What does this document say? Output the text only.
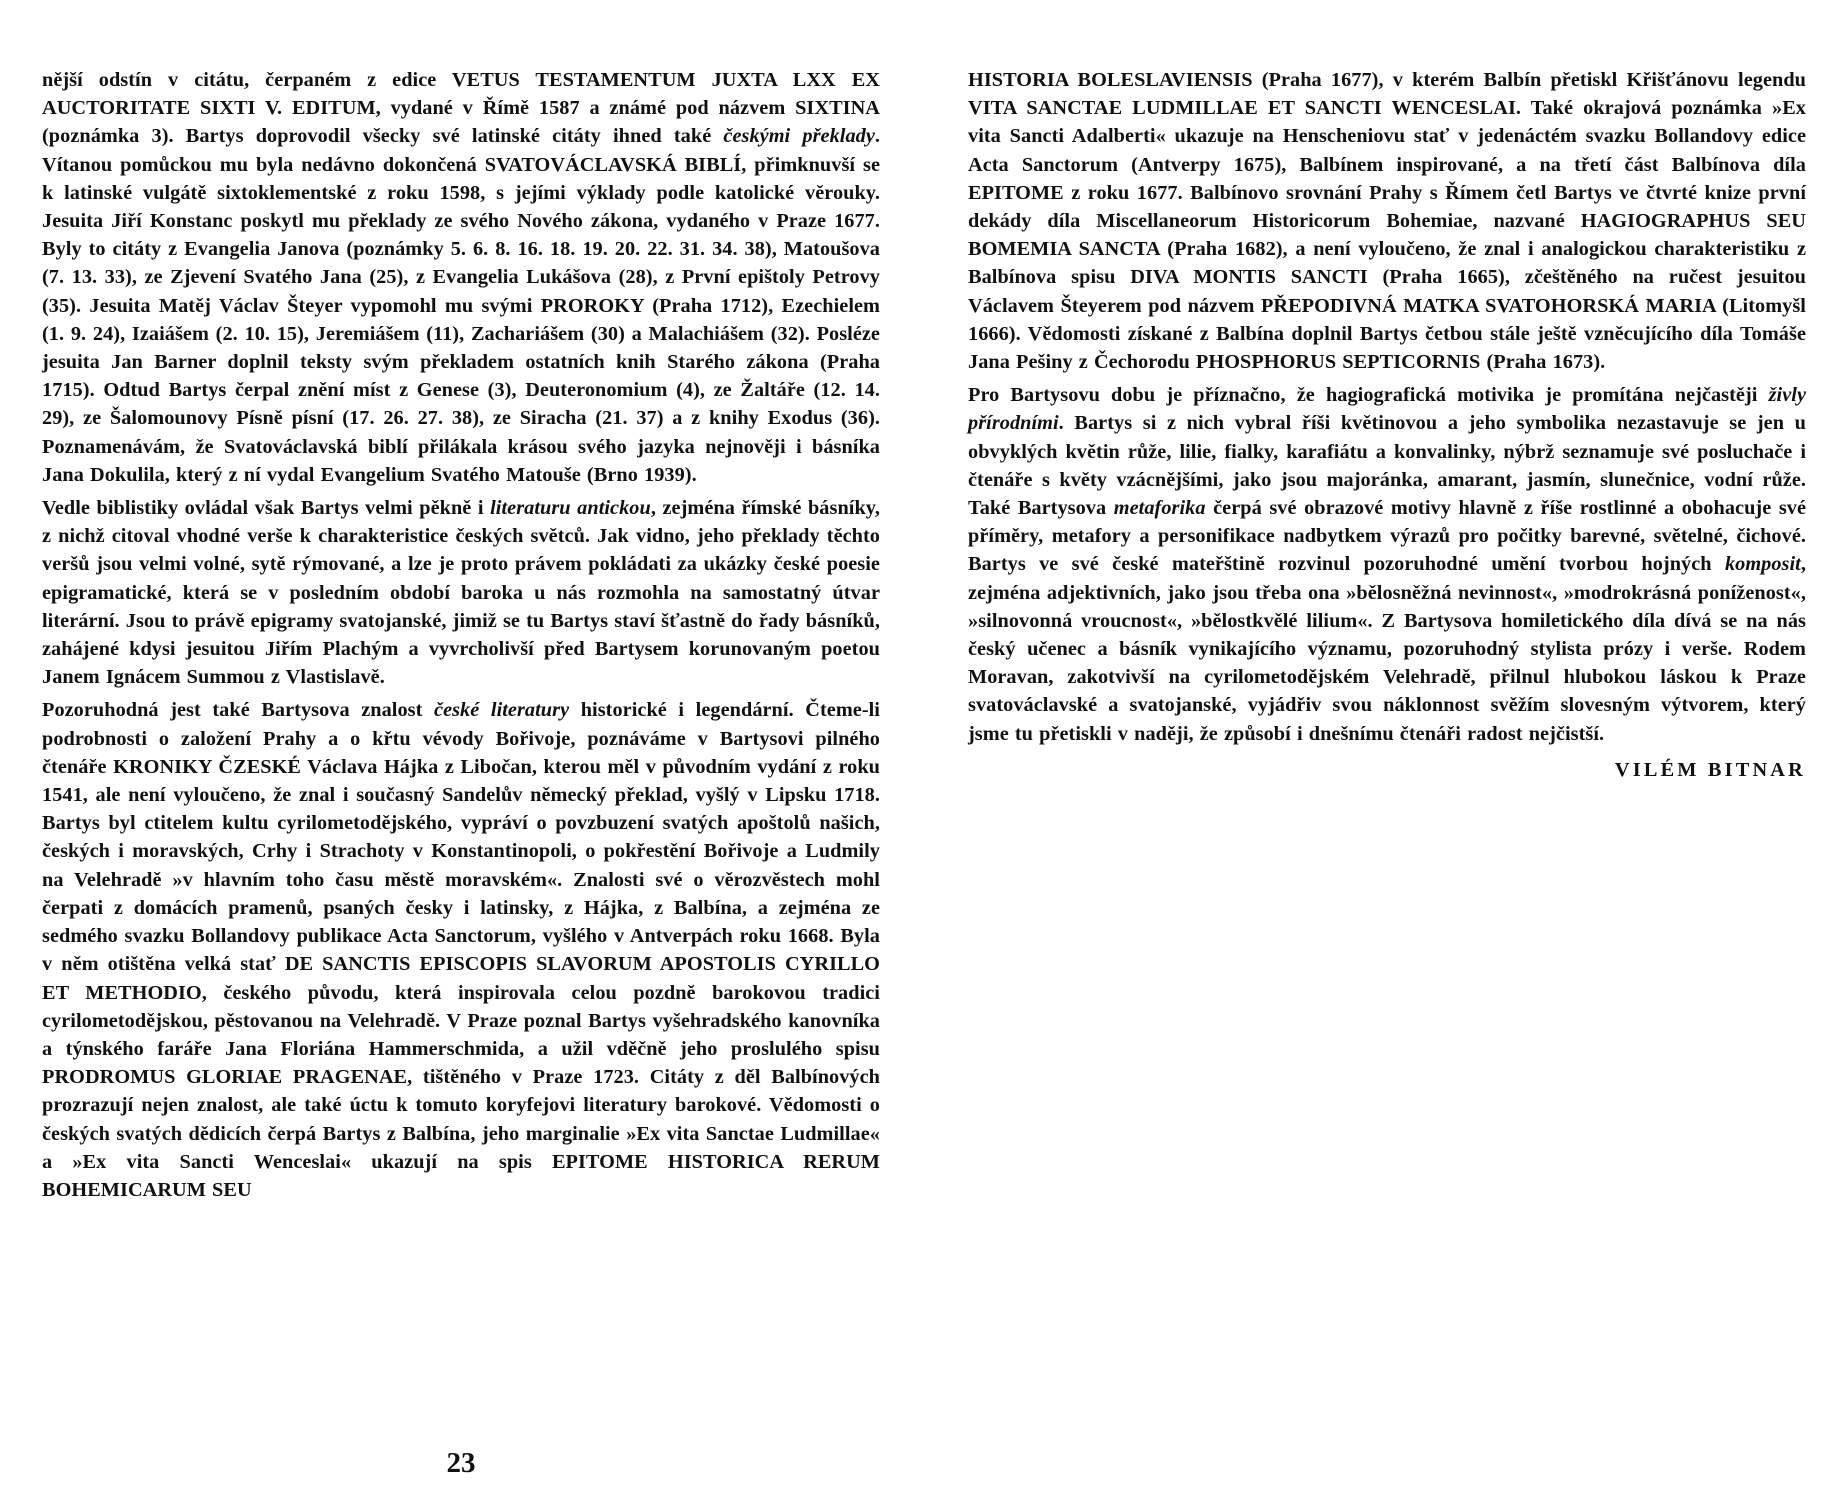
nější odstín v citátu, čerpaném z edice VETUS TESTAMENTUM JUXTA LXX EX AUCTORITATE SIXTI V. EDITUM, vydané v Římě 1587 a známé pod názvem SIXTINA (poznámka 3). Bartys doprovodil všecky své latinské citáty ihned také českými překlady. Vítanou pomůckou mu byla nedávno dokončená SVATOVÁCLAVSKÁ BIBLÍ, přimknuvší se k latinské vulgátě sixtoklementské z roku 1598, s jejími výklady podle katolické věrouky. Jesuita Jiří Konstanc poskytl mu překlady ze svého Nového zákona, vydaného v Praze 1677. Byly to citáty z Evangelia Janova (poznámky 5. 6. 8. 16. 18. 19. 20. 22. 31. 34. 38), Matoušova (7. 13. 33), ze Zjevení Svatého Jana (25), z Evangelia Lukášova (28), z První epištoly Petrovy (35). Jesuita Matěj Václav Šteyer vypomohl mu svými PROROKY (Praha 1712), Ezechielem (1. 9. 24), Izaiášem (2. 10. 15), Jeremiášem (11), Zachariášem (30) a Malachiášem (32). Posléze jesuita Jan Barner doplnil teksty svým překladem ostatních knih Starého zákona (Praha 1715). Odtud Bartys čerpal znění míst z Genese (3), Deuteronomium (4), ze Žaltáře (12. 14. 29), ze Šalomounovy Písně písní (17. 26. 27. 38), ze Siracha (21. 37) a z knihy Exodus (36). Poznamenávám, že Svatováclavská biblí přilákala krásou svého jazyka nejnověji i básníka Jana Dokulila, který z ní vydal Evangelium Svatého Matouše (Brno 1939).

Vedle biblistiky ovládal však Bartys velmi pěkně i literaturu antickou, zejména římské básníky, z nichž citoval vhodné verše k charakteristice českých světců. Jak vidno, jeho překlady těchto veršů jsou velmi volné, sytě rýmované, a lze je proto právem pokládati za ukázky české poesie epigramatické, která se v posledním období baroka u nás rozmohla na samostatný útvar literární. Jsou to právě epigramy svatojanské, jimiž se tu Bartys staví šťastně do řady básníků, zahájené kdysi jesuitou Jiřím Plachým a vyvrcholivší před Bartysem korunovaným poetou Janem Ignácem Summou z Vlastislavě.

Pozoruhodná jest také Bartysova znalost české literatury historické i legendární. Čteme-li podrobnosti o založení Prahy a o křtu vévody Bořivoje, poznáváme v Bartysovi pilného čtenáře KRONIKY ČZESKÉ Václava Hájka z Libočan, kterou měl v původním vydání z roku 1541, ale není vyloučeno, že znal i současný Sandelův německý překlad, vyšlý v Lipsku 1718. Bartys byl ctitelem kultu cyrilometodějského, vypráví o povzbuzení svatých apoštolů našich, českých i moravských, Crhy i Strachoty v Konstantinopoli, o pokřestění Bořivoje a Ludmily na Velehradě »v hlavním toho času městě moravském«. Znalosti své o věrozvěstech mohl čerpati z domácích pramenů, psaných česky i latinsky, z Hájka, z Balbína, a zejména ze sedmého svazku Bollandovy publikace Acta Sanctorum, vyšlého v Antverpách roku 1668. Byla v něm otištěna velká stať DE SANCTIS EPISCOPIS SLAVORUM APOSTOLIS CYRILLO ET METHODIO, českého původu, která inspirovala celou pozdně barokovou tradici cyrilometodějskou, pěstovanou na Velehradě. V Praze poznal Bartys vyšehradského kanovníka a týnského faráře Jana Floriána Hammerschmida, a užil vděčně jeho proslulého spisu PRODROMUS GLORIAE PRAGENAE, tištěného v Praze 1723. Citáty z děl Balbínových prozrazují nejen znalost, ale také úctu k tomuto koryfejovi literatury barokové. Vědomosti o českých svatých dědicích čerpá Bartys z Balbína, jeho marginalie »Ex vita Sanctae Ludmillae« a »Ex vita Sancti Wenceslai« ukazují na spis EPITOME HISTORICA RERUM BOHEMICARUM SEU

23

HISTORIA BOLESLAVIENSIS (Praha 1677), v kterém Balbín přetiskl Křišťánovu legendu VITA SANCTAE LUDMILLAE ET SANCTI WENCESLAI. Také okrajová poznámka »Ex vita Sancti Adalberti« ukazuje na Henscheniovu stať v jedenáctém svazku Bollandovy edice Acta Sanctorum (Antverpy 1675), Balbínem inspirované, a na třetí část Balbínova díla EPITOME z roku 1677. Balbínovo srovnání Prahy s Římem četl Bartys ve čtvrté knize první dekády díla Miscellaneorum Historicorum Bohemiae, nazvané HAGIOGRAPHUS SEU BOMEMIA SANCTA (Praha 1682), a není vyloučeno, že znal i analogickou charakteristiku z Balbínova spisu DIVA MONTIS SANCTI (Praha 1665), zčeštěného na ručest jesuitou Václavem Šteyerem pod názvem PŘEPODIVNÁ MATKA SVATOHORSKÁ MARIA (Litomyšl 1666). Vědomosti získané z Balbína doplnil Bartys četbou stále ještě vzněcujícího díla Tomáše Jana Pešiny z Čechorodu PHOSPHORUS SEPTICORNIS (Praha 1673).

Pro Bartysovu dobu je příznačno, že hagiografická motivika je promítána nejčastěji živly přírodními. Bartys si z nich vybral říši květinovou a jeho symbolika nezastavuje se jen u obvyklých květin růže, lilie, fialky, karafiátu a konvalinky, nýbrž seznamuje své posluchače i čtenáře s květy vzácnějšími, jako jsou majoránka, amarant, jasmín, slunečnice, vodní růže. Také Bartysova metaforika čerpá své obrazové motivy hlavně z říše rostlinné a obohacuje své příměry, metafory a personifikace nadbytkem výrazů pro počitky barevné, světelné, čichové. Bartys ve své české mateřštině rozvinul pozoruhodné umění tvorbou hojných komposit, zejména adjektivních, jako jsou třeba ona »bělosněžná nevinnost«, »modrokrásná poníženost«, »silnovonná vroucnost«, »bělostkvělé lilium«. Z Bartysova homiletického díla dívá se na nás český učenec a básník vynikajícího významu, pozoruhodný stylista prózy i verše. Rodem Moravan, zakotvivší na cyrilometodějském Velehradě, přilnul hlubokou láskou k Praze svatováclavské a svatojanské, vyjádřiv svou náklonnost svěžím slovesným výtvorem, který jsme tu přetiskli v naději, že způsobí i dnešnímu čtenáři radost nejčistší.

VILÉM BITNAR
